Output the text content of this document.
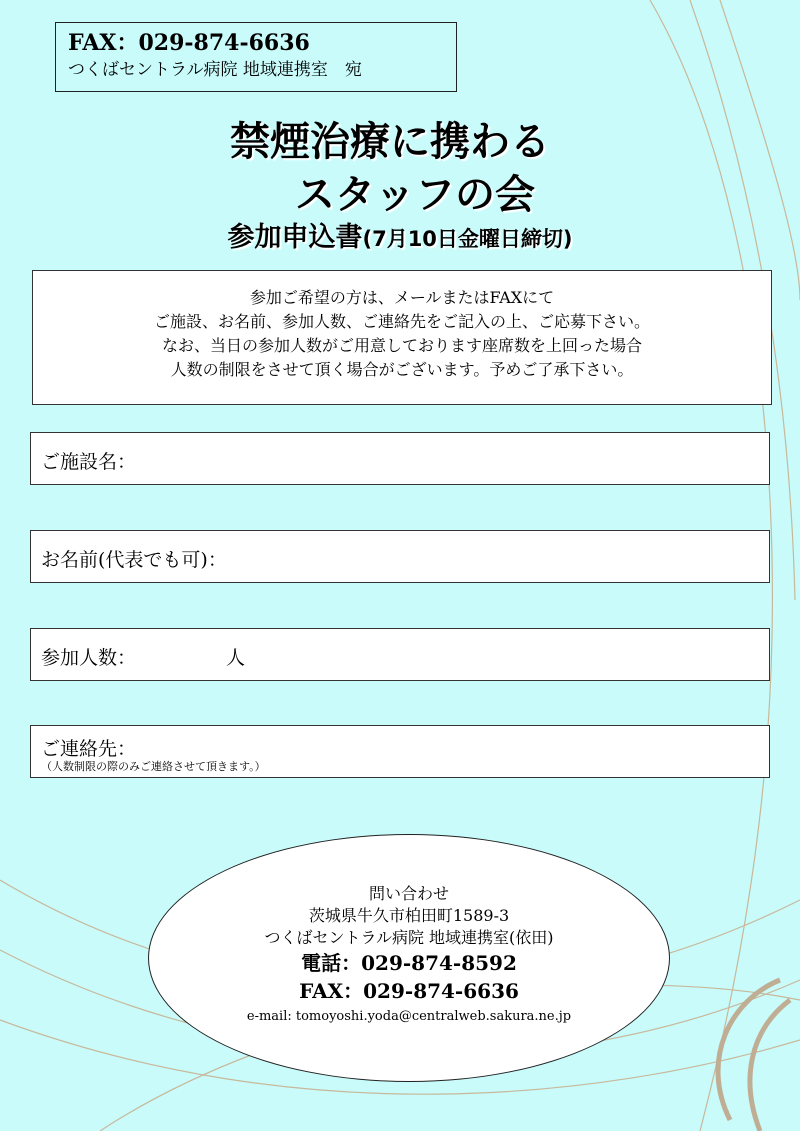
FAX：029-874-6636
つくばセントラル病院 地域連携室　宛
禁煙治療に携わる
スタッフの会
参加申込書(7月10日金曜日締切)
参加ご希望の方は、メールまたはFAXにて
ご施設、お名前、参加人数、ご連絡先をご記入の上、ご応募下さい。
なお、当日の参加人数がご用意しております座席数を上回った場合
人数の制限をさせて頂く場合がございます。予めご了承下さい。
ご施設名：
お名前(代表でも可)：
参加人数：	人
ご連絡先：
（人数制限の際のみご連絡させて頂きます。）
問い合わせ
茨城県牛久市柏田町1589-3
つくばセントラル病院 地域連携室(依田)
電話：029-874-8592
FAX：029-874-6636
e-mail: tomoyoshi.yoda@centralweb.sakura.ne.jp
